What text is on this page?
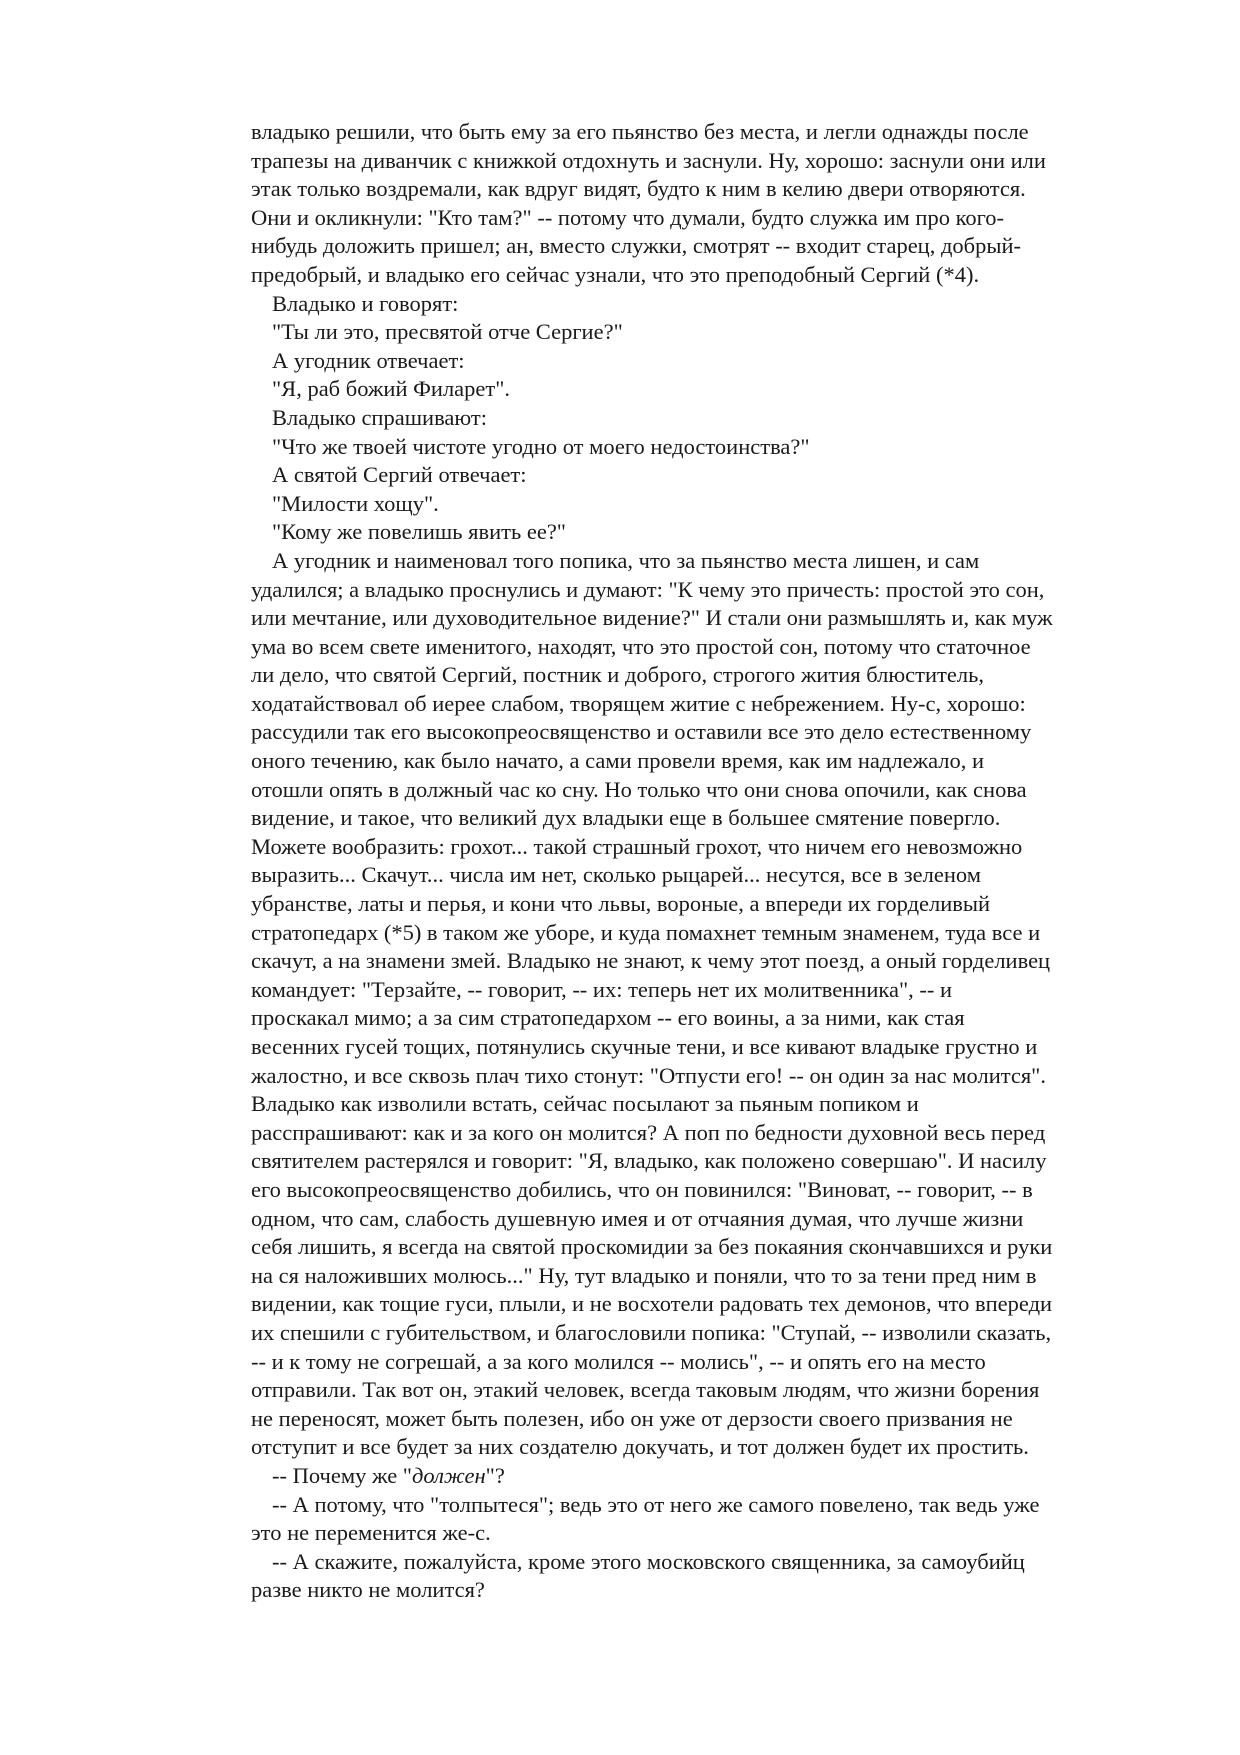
владыко решили, что быть ему за его пьянство без места, и легли однажды после
трапезы на диванчик с книжкой отдохнуть и заснули. Ну, хорошо: заснули они или
этак только воздремали, как вдруг видят, будто к ним в келию двери отворяются.
Они и окликнули: "Кто там?" -- потому что думали, будто служка им про кого-
нибудь доложить пришел; ан, вместо служки, смотрят -- входит старец, добрый-
предобрый, и владыко его сейчас узнали, что это преподобный Сергий (*4).
Владыко и говорят:
"Ты ли это, пресвятой отче Сергие?"
А угодник отвечает:
"Я, раб божий Филарет".
Владыко спрашивают:
"Что же твоей чистоте угодно от моего недостоинства?"
А святой Сергий отвечает:
"Милости хощу".
"Кому же повелишь явить ее?"
А угодник и наименовал того попика, что за пьянство места лишен, и сам
удалился; а владыко проснулись и думают: "К чему это причесть: простой это сон,
или мечтание, или духоводительное видение?" И стали они размышлять и, как муж
ума во всем свете именитого, находят, что это простой сон, потому что статочное
ли дело, что святой Сергий, постник и доброго, строгого жития блюститель,
ходатайствовал об иерее слабом, творящем житие с небрежением. Ну-с, хорошо:
рассудили так его высокопреосвященство и оставили все это дело естественному
оного течению, как было начато, а сами провели время, как им надлежало, и
отошли опять в должный час ко сну. Но только что они снова опочили, как снова
видение, и такое, что великий дух владыки еще в большее смятение повергло.
Можете вообразить: грохот... такой страшный грохот, что ничем его невозможно
выразить... Скачут... числа им нет, сколько рыцарей... несутся, все в зеленом
убранстве, латы и перья, и кони что львы, вороные, а впереди их горделивый
стратопедарх (*5) в таком же уборе, и куда помахнет темным знаменем, туда все и
скачут, а на знамени змей. Владыко не знают, к чему этот поезд, а оный горделивец
командует: "Терзайте, -- говорит, -- их: теперь нет их молитвенника", -- и
проскакал мимо; а за сим стратопедархом -- его воины, а за ними, как стая
весенних гусей тощих, потянулись скучные тени, и все кивают владыке грустно и
жалостно, и все сквозь плач тихо стонут: "Отпусти его! -- он один за нас молится".
Владыко как изволили встать, сейчас посылают за пьяным попиком и
расспрашивают: как и за кого он молится? А поп по бедности духовной весь перед
святителем растерялся и говорит: "Я, владыко, как положено совершаю". И насилу
его высокопреосвященство добились, что он повинился: "Виноват, -- говорит, -- в
одном, что сам, слабость душевную имея и от отчаяния думая, что лучше жизни
себя лишить, я всегда на святой проскомидии за без покаяния скончавшихся и руки
на ся наложивших молюсь..." Ну, тут владыко и поняли, что то за тени пред ним в
видении, как тощие гуси, плыли, и не восхотели радовать тех демонов, что впереди
их спешили с губительством, и благословили попика: "Ступай, -- изволили сказать,
-- и к тому не согрешай, а за кого молился -- молись", -- и опять его на место
отправили. Так вот он, этакий человек, всегда таковым людям, что жизни борения
не переносят, может быть полезен, ибо он уже от дерзости своего призвания не
отступит и все будет за них создателю докучать, и тот должен будет их простить.
-- Почему же "должен"?
-- А потому, что "толпытеся"; ведь это от него же самого повелено, так ведь уже
это не переменится же-с.
-- А скажите, пожалуйста, кроме этого московского священника, за самоубийц
разве никто не молится?
